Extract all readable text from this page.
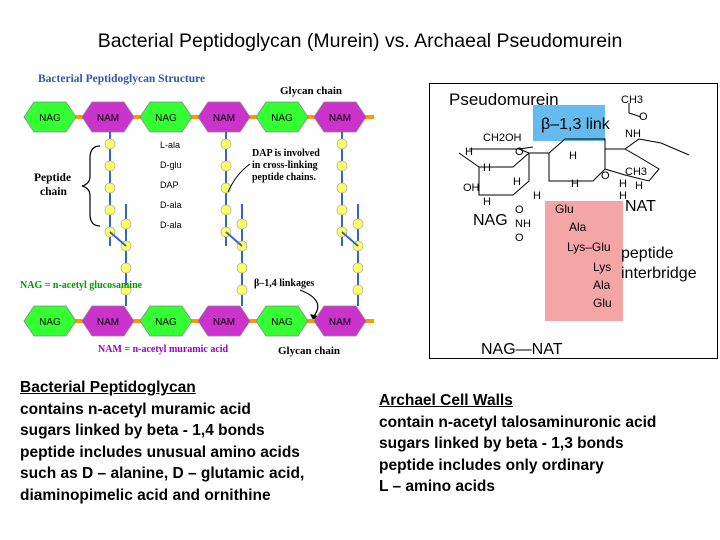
Bacterial Peptidoglycan (Murein) vs. Archaeal Pseudomurein
Bacterial Peptidoglycan Structure
Glycan chain
NAG	NAM	NAG	NAM	NAG	NAM
Peptide
chain
L-ala
D-glu
DAP
D-ala
D-ala
DAP is involved
in cross-linking
peptide chains.
β–1,4 linkages
NAG = n-acetyl glucosamine
NAG	NAM	NAG	NAM	NAG	NAM
NAM = n-acetyl muramic acid	Glycan chain
Pseudomurein
β–1,3 link
CH3
O
NH
CH2OH
O
H
H
OH	H
H
H
O
H	H
O
NH
O
CH3
H
H	H
NAG
NAT
Glu
Ala
Lys–Glu
Lys
Ala
Glu
peptide
interbridge
NAG—NAT
Bacterial Peptidoglycan
contains n-acetyl muramic acid
sugars linked by beta - 1,4 bonds
peptide includes unusual amino acids
such as D – alanine, D – glutamic acid,
diaminopimelic acid and ornithine
Archael Cell Walls
contain n-acetyl talosaminuronic acid
sugars linked by beta - 1,3 bonds
peptide includes only ordinary
L – amino acids
